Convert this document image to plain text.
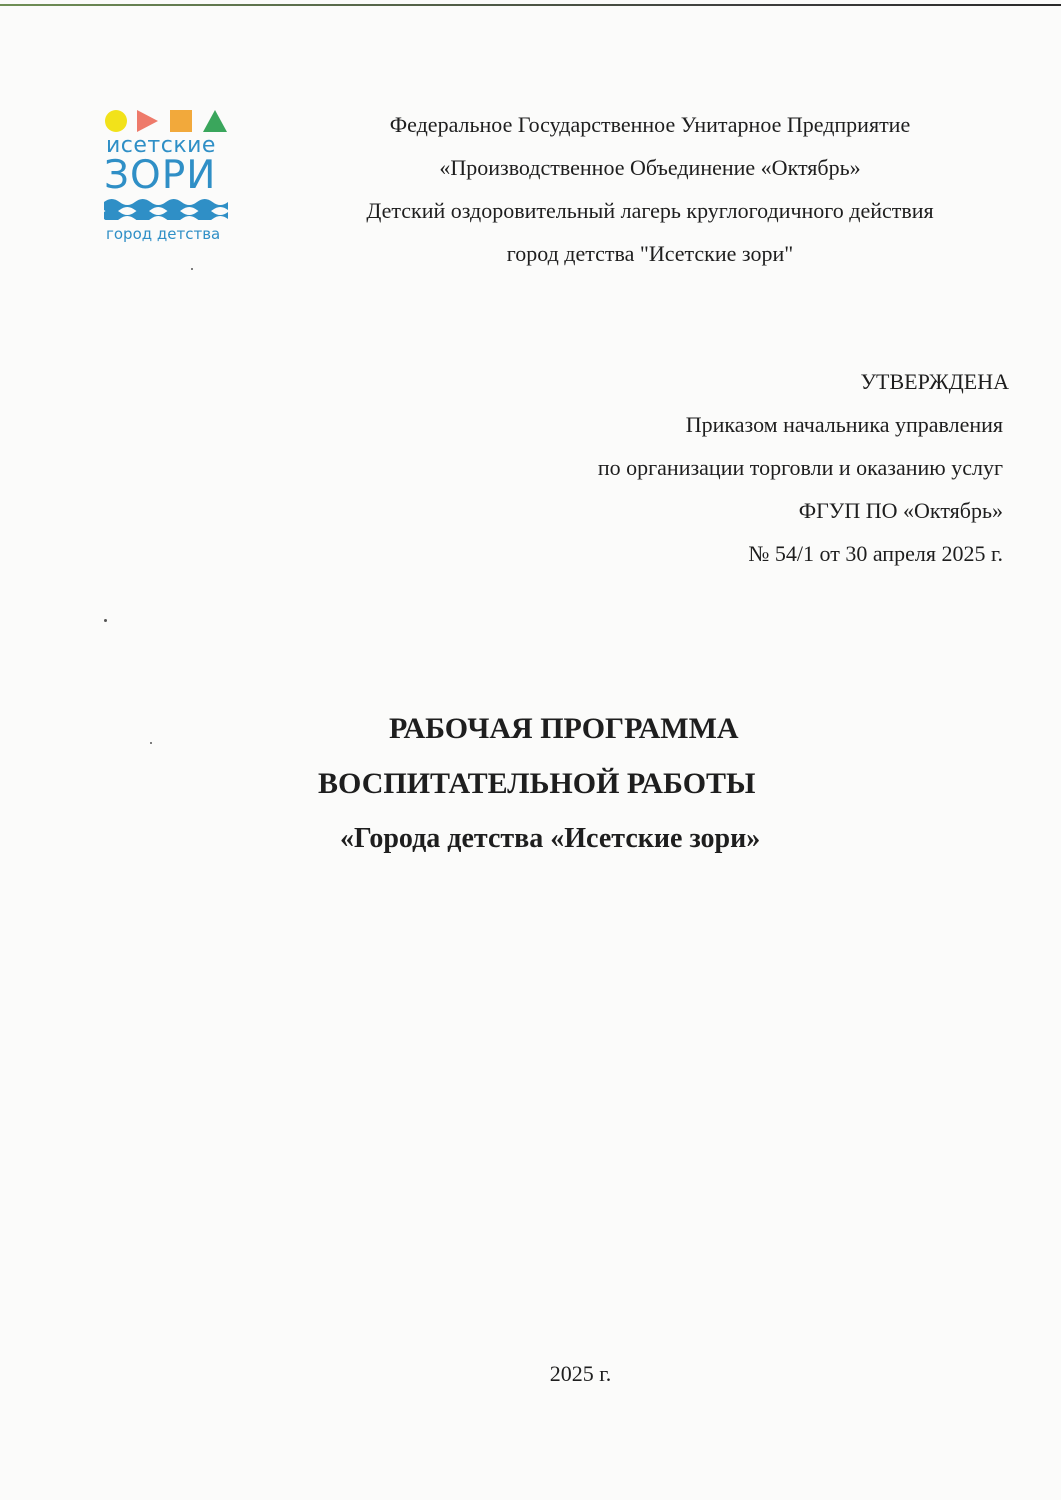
исетские
ЗОРИ
город детства
Федеральное Государственное Унитарное Предприятие
«Производственное Объединение «Октябрь»
Детский оздоровительный лагерь круглогодичного действия
город детства "Исетские зори"
УТВЕРЖДЕНА
Приказом начальника управления
по организации торговли и оказанию услуг
ФГУП ПО «Октябрь»
№ 54/1 от 30 апреля 2025 г.
РАБОЧАЯ ПРОГРАММА
ВОСПИТАТЕЛЬНОЙ РАБОТЫ
«Города детства «Исетские зори»
2025 г.
